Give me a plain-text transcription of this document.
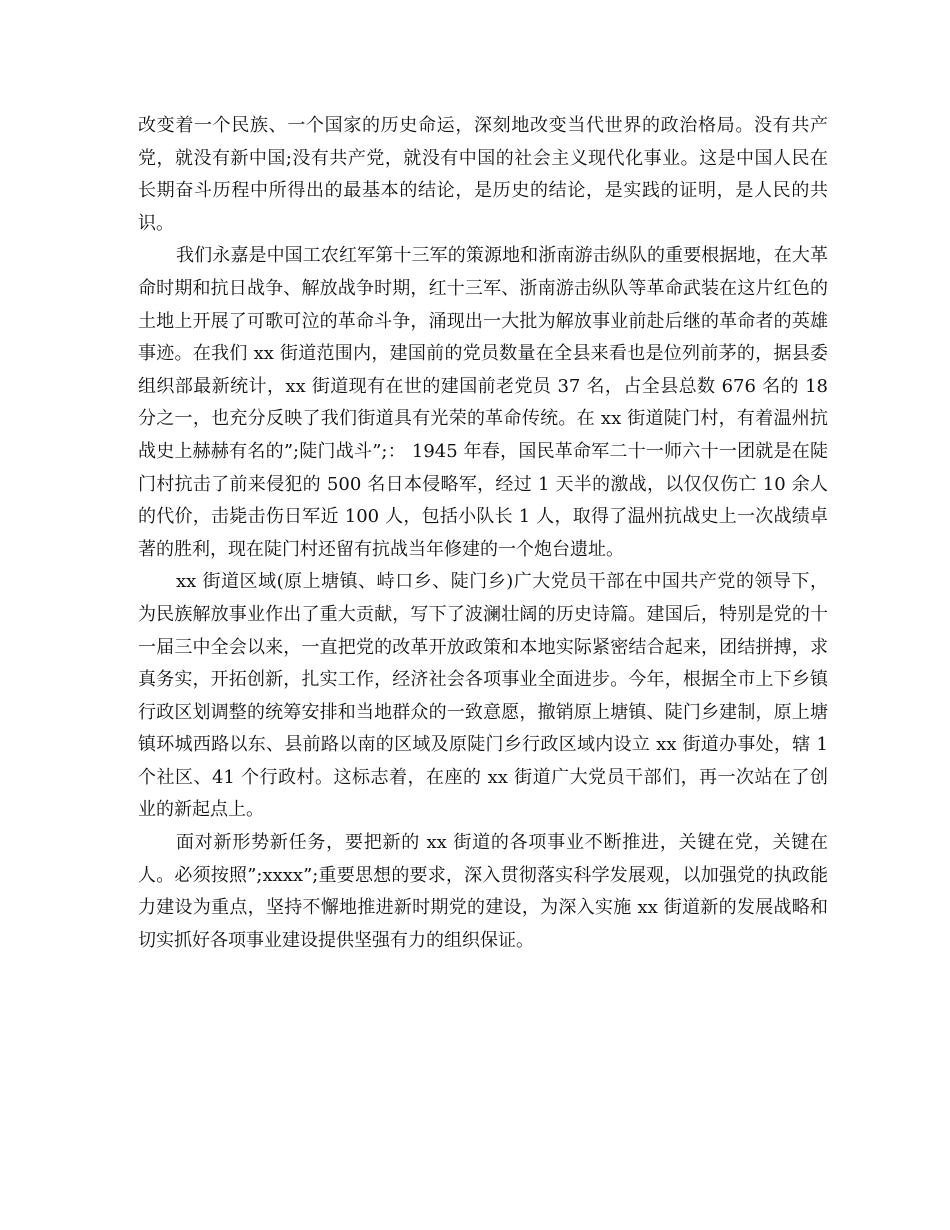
改变着一个民族、一个国家的历史命运，深刻地改变当代世界的政治格局。没有共产党，就没有新中国;没有共产党，就没有中国的社会主义现代化事业。这是中国人民在长期奋斗历程中所得出的最基本的结论，是历史的结论，是实践的证明，是人民的共识。

我们永嘉是中国工农红军第十三军的策源地和浙南游击纵队的重要根据地，在大革命时期和抗日战争、解放战争时期，红十三军、浙南游击纵队等革命武装在这片红色的土地上开展了可歌可泣的革命斗争，涌现出一大批为解放事业前赴后继的革命者的英雄事迹。在我们 xx 街道范围内，建国前的党员数量在全县来看也是位列前茅的，据县委组织部最新统计，xx 街道现有在世的建国前老党员 37 名，占全县总数 676 名的 18 分之一，也充分反映了我们街道具有光荣的革命传统。在 xx 街道陡门村，有着温州抗战史上赫赫有名的”;陡门战斗”;： 1945 年春，国民革命军二十一师六十一团就是在陡门村抗击了前来侵犯的 500 名日本侵略军，经过 1 天半的激战，以仅仅伤亡 10 余人的代价，击毙击伤日军近 100 人，包括小队长 1 人，取得了温州抗战史上一次战绩卓著的胜利，现在陡门村还留有抗战当年修建的一个炮台遗址。

xx 街道区域(原上塘镇、峙口乡、陡门乡)广大党员干部在中国共产党的领导下，为民族解放事业作出了重大贡献，写下了波澜壮阔的历史诗篇。建国后，特别是党的十一届三中全会以来，一直把党的改革开放政策和本地实际紧密结合起来，团结拼搏，求真务实，开拓创新，扎实工作，经济社会各项事业全面进步。今年，根据全市上下乡镇行政区划调整的统筹安排和当地群众的一致意愿，撤销原上塘镇、陡门乡建制，原上塘镇环城西路以东、县前路以南的区域及原陡门乡行政区域内设立 xx 街道办事处，辖 1 个社区、41 个行政村。这标志着，在座的 xx 街道广大党员干部们，再一次站在了创业的新起点上。

面对新形势新任务，要把新的 xx 街道的各项事业不断推进，关键在党，关键在人。必须按照”;xxxx”;重要思想的要求，深入贯彻落实科学发展观，以加强党的执政能力建设为重点，坚持不懈地推进新时期党的建设，为深入实施 xx 街道新的发展战略和切实抓好各项事业建设提供坚强有力的组织保证。
